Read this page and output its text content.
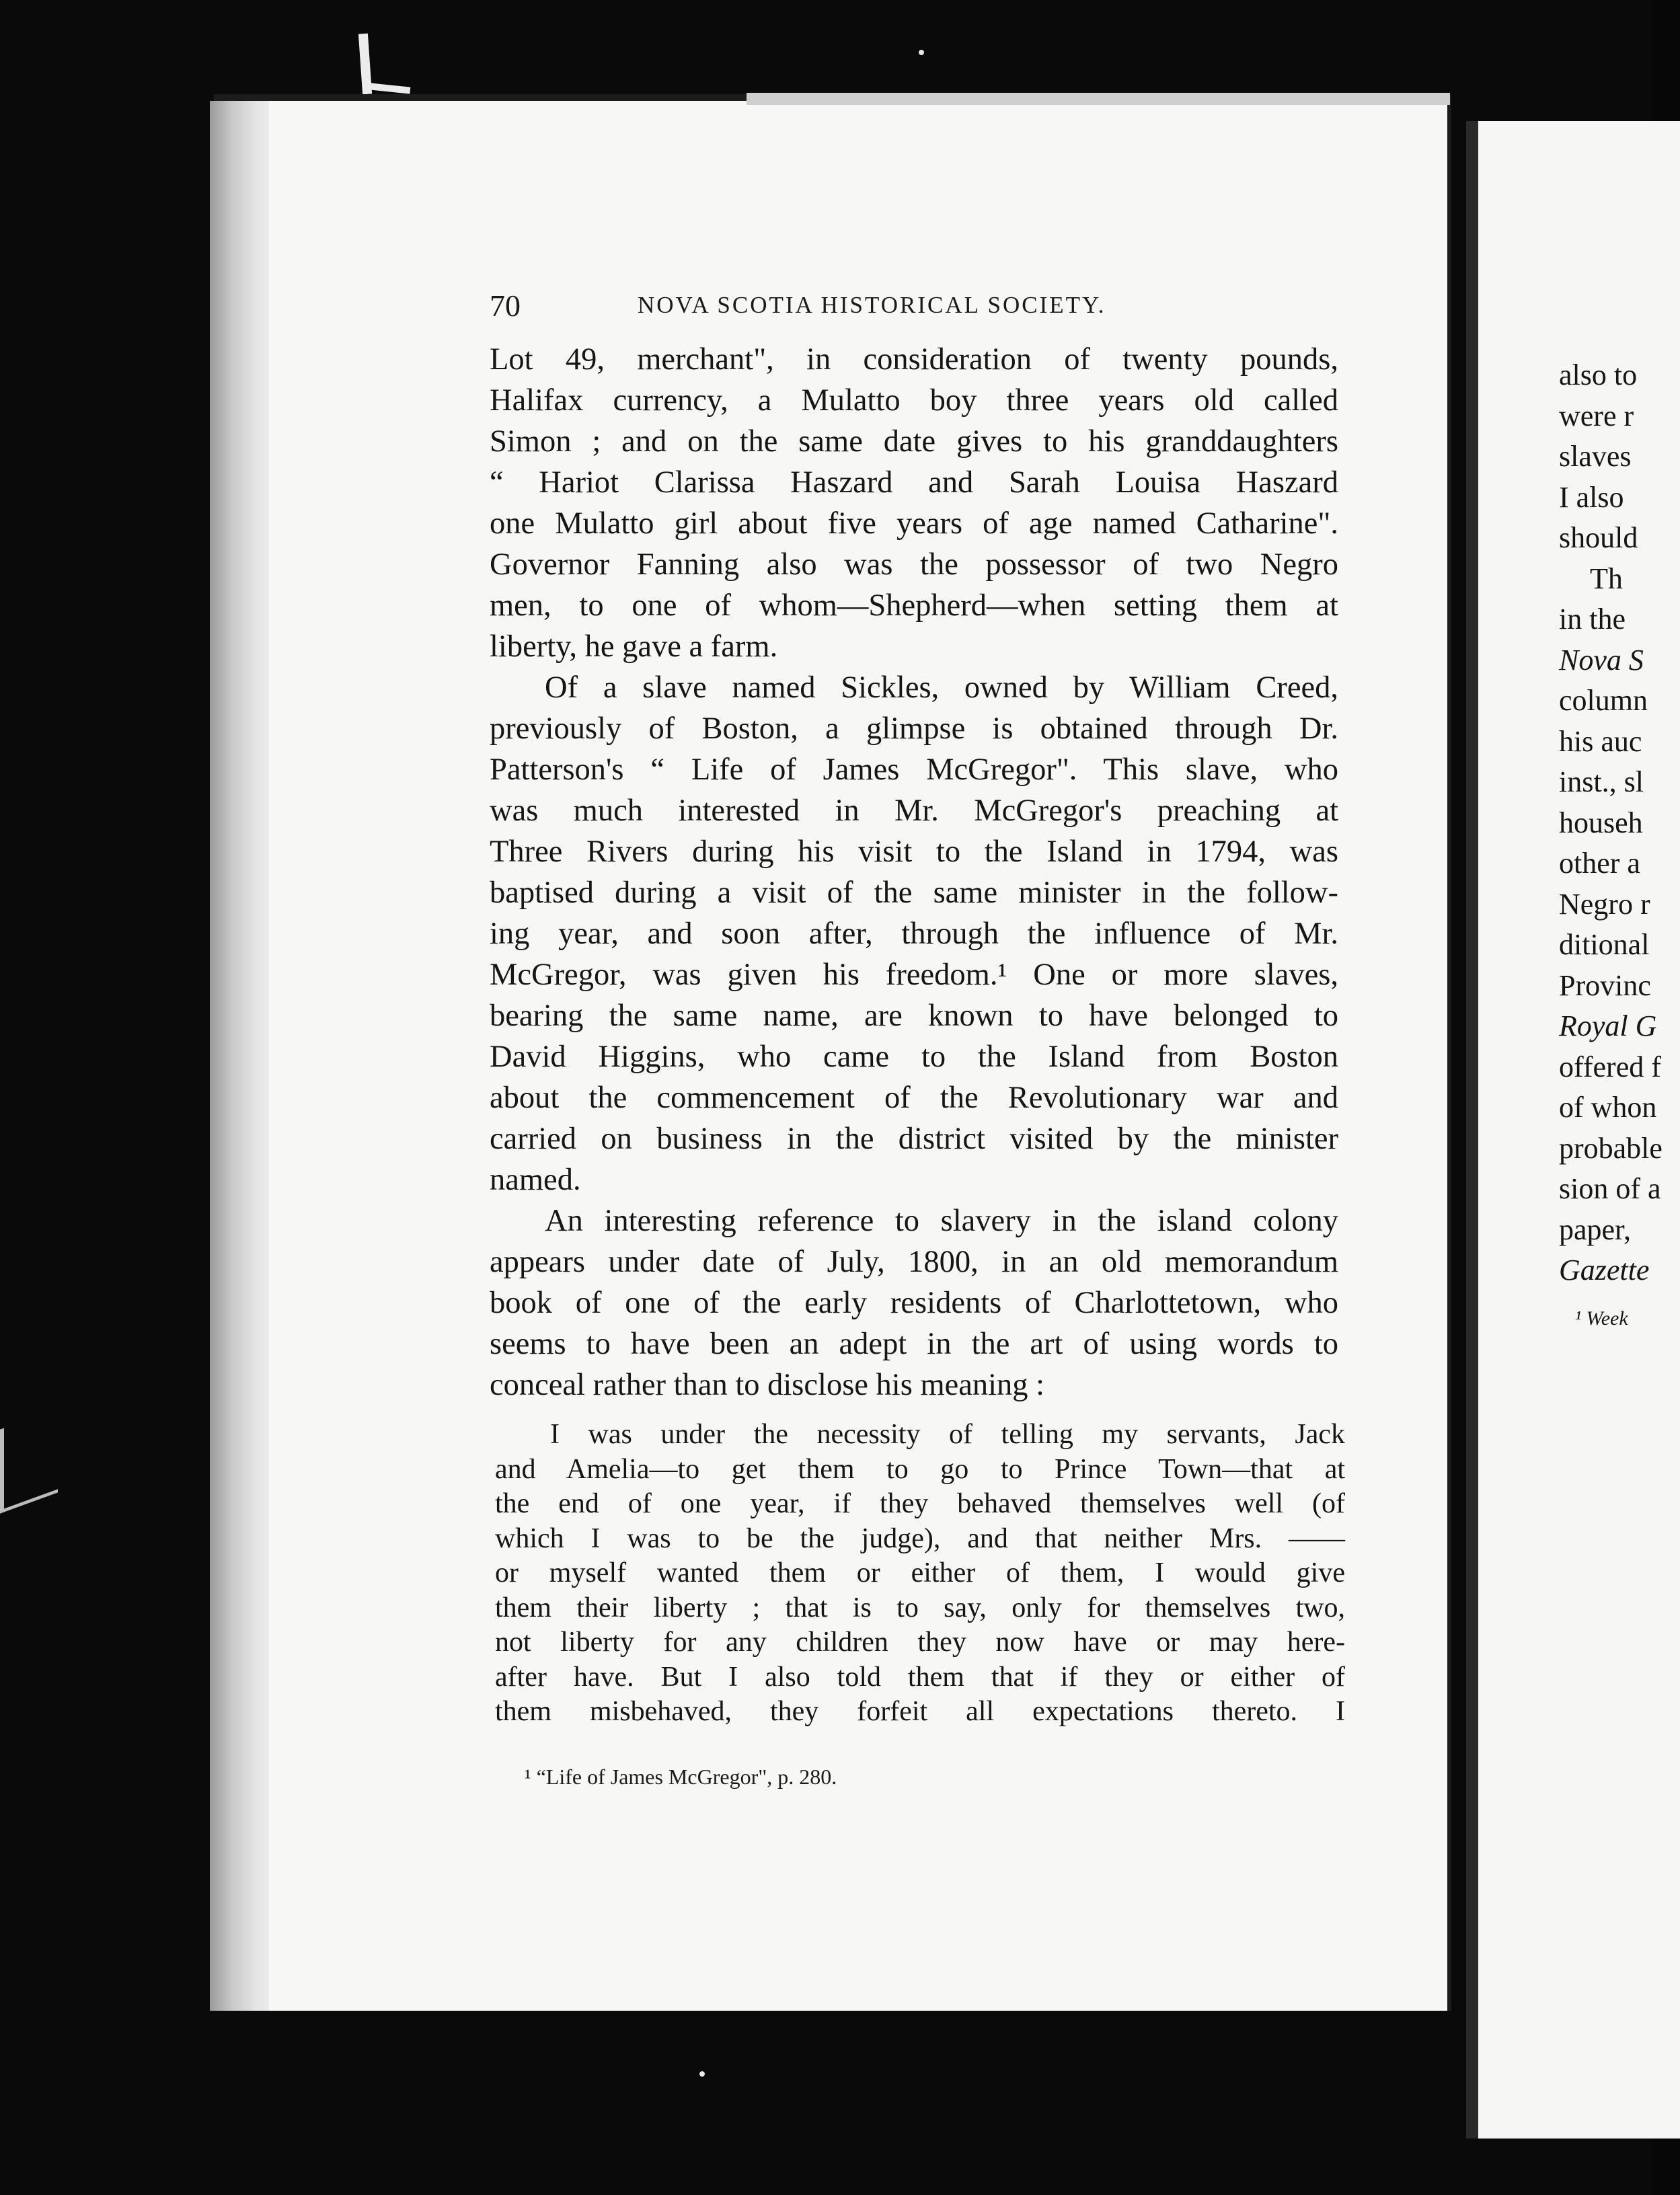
70	NOVA SCOTIA HISTORICAL SOCIETY.
Lot 49, merchant", in consideration of twenty pounds,
Halifax currency, a Mulatto boy three years old called
Simon ; and on the same date gives to his granddaughters
“ Hariot Clarissa Haszard and Sarah Louisa Haszard
one Mulatto girl about five years of age named Catharine".
Governor Fanning also was the possessor of two Negro
men, to one of whom—Shepherd—when setting them at
liberty, he gave a farm.
Of a slave named Sickles, owned by William Creed,
previously of Boston, a glimpse is obtained through Dr.
Patterson's “ Life of James McGregor". This slave, who
was much interested in Mr. McGregor's preaching at
Three Rivers during his visit to the Island in 1794, was
baptised during a visit of the same minister in the follow-
ing year, and soon after, through the influence of Mr.
McGregor, was given his freedom.¹ One or more slaves,
bearing the same name, are known to have belonged to
David Higgins, who came to the Island from Boston
about the commencement of the Revolutionary war and
carried on business in the district visited by the minister
named.
An interesting reference to slavery in the island colony
appears under date of July, 1800, in an old memorandum
book of one of the early residents of Charlottetown, who
seems to have been an adept in the art of using words to
conceal rather than to disclose his meaning :
I was under the necessity of telling my servants, Jack
and Amelia—to get them to go to Prince Town—that at
the end of one year, if they behaved themselves well (of
which I was to be the judge), and that neither Mrs. ——
or myself wanted them or either of them, I would give
them their liberty ; that is to say, only for themselves two,
not liberty for any children they now have or may here-
after have. But I also told them that if they or either of
them misbehaved, they forfeit all expectations thereto. I
¹ “Life of James McGregor", p. 280.
also to
were r
slaves
I also
should
Th
in the
Nova S
column
his auc
inst., sl
househ
other a
Negro r
ditional
Provinc
Royal G
offered f
of whon
probable
sion of a
paper,
Gazette
¹ Week
